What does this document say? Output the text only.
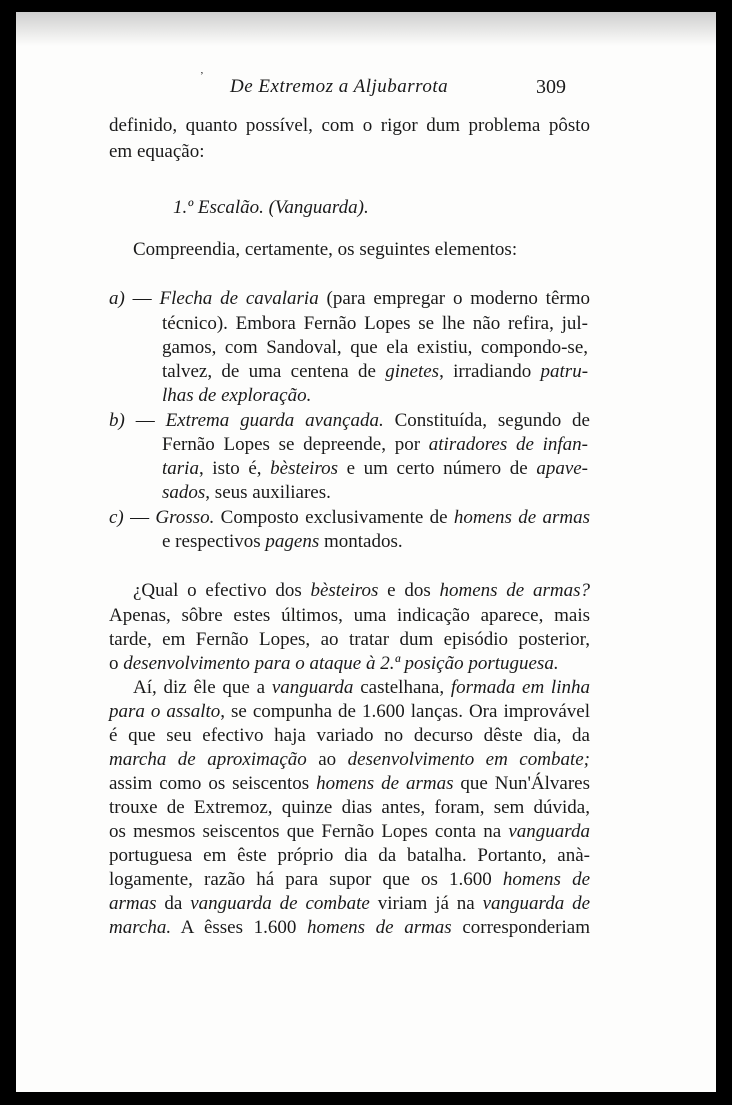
’ De Extremoz a Aljubarrota	309
definido, quanto possível, com o rigor dum problema pôsto
em equação:
1.º Escalão. (Vanguarda).
Compreendia, certamente, os seguintes elementos:
a) — Flecha de cavalaria (para empregar o moderno têrmo
técnico). Embora Fernão Lopes se lhe não refira, jul-
gamos, com Sandoval, que ela existiu, compondo-se,
talvez, de uma centena de ginetes, irradiando patru-
lhas de exploração.
b) — Extrema guarda avançada. Constituída, segundo de
Fernão Lopes se depreende, por atiradores de infan-
taria, isto é, bèsteiros e um certo número de apave-
sados, seus auxiliares.
c) — Grosso. Composto exclusivamente de homens de armas
e respectivos pagens montados.
¿Qual o efectivo dos bèsteiros e dos homens de armas?
Apenas, sôbre estes últimos, uma indicação aparece, mais
tarde, em Fernão Lopes, ao tratar dum episódio posterior,
o desenvolvimento para o ataque à 2.ª posição portuguesa.
Aí, diz êle que a vanguarda castelhana, formada em linha
para o assalto, se compunha de 1.600 lanças. Ora improvável
é que seu efectivo haja variado no decurso dêste dia, da
marcha de aproximação ao desenvolvimento em combate;
assim como os seiscentos homens de armas que Nun'Álvares
trouxe de Extremoz, quinze dias antes, foram, sem dúvida,
os mesmos seiscentos que Fernão Lopes conta na vanguarda
portuguesa em êste próprio dia da batalha. Portanto, anà-
logamente, razão há para supor que os 1.600 homens de
armas da vanguarda de combate viriam já na vanguarda de
marcha. A êsses 1.600 homens de armas corresponderiam
